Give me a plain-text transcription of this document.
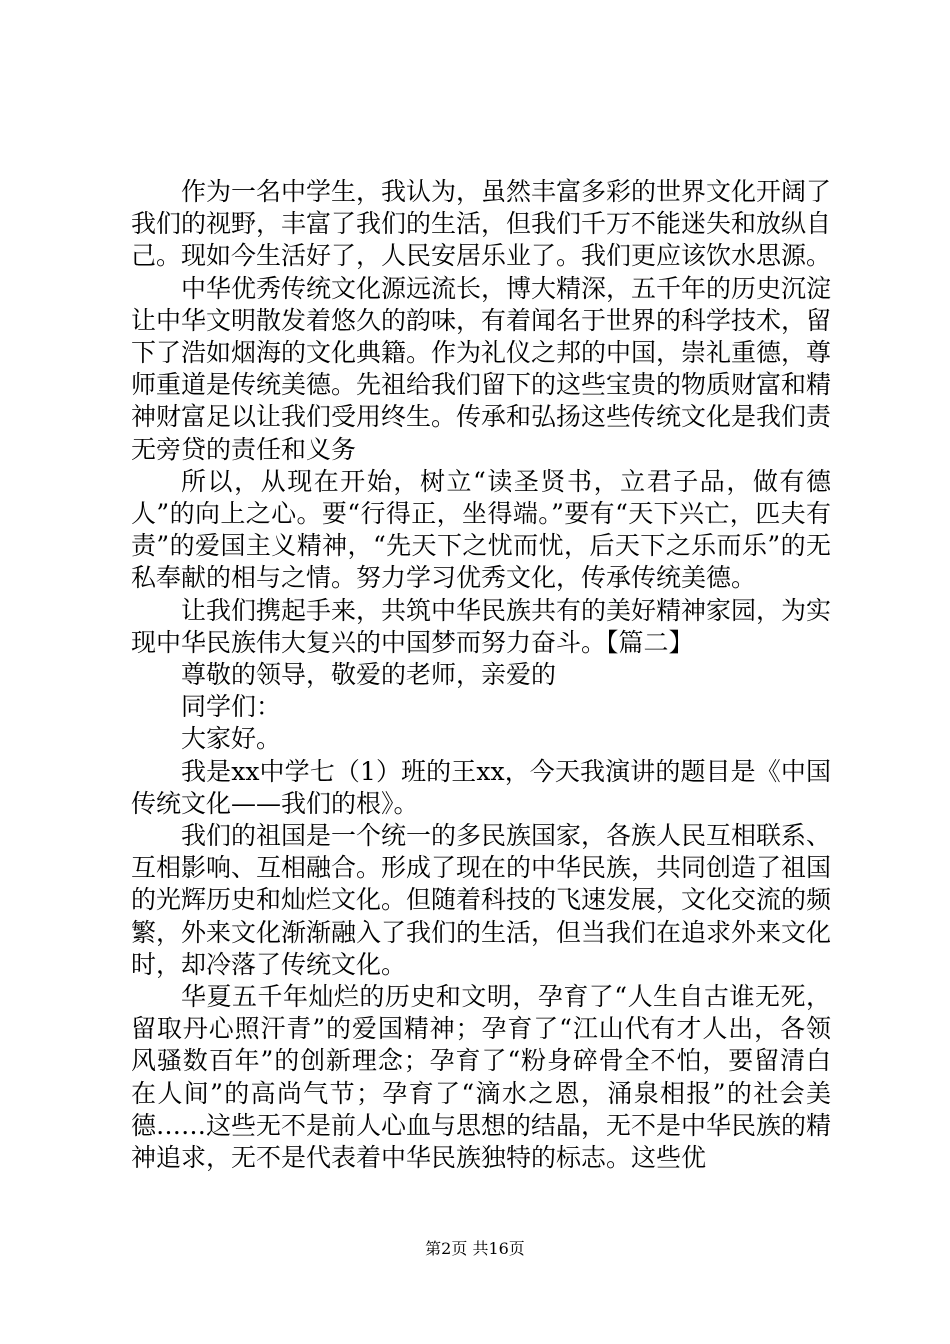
作为一名中学生，我认为，虽然丰富多彩的世界文化开阔了我们的视野，丰富了我们的生活，但我们千万不能迷失和放纵自己。现如今生活好了，人民安居乐业了。我们更应该饮水思源。

中华优秀传统文化源远流长，博大精深，五千年的历史沉淀让中华文明散发着悠久的韵味，有着闻名于世界的科学技术，留下了浩如烟海的文化典籍。作为礼仪之邦的中国，崇礼重德，尊师重道是传统美德。先祖给我们留下的这些宝贵的物质财富和精神财富足以让我们受用终生。传承和弘扬这些传统文化是我们责无旁贷的责任和义务

所以，从现在开始，树立“读圣贤书，立君子品，做有德人”的向上之心。要“行得正，坐得端。”要有“天下兴亡，匹夫有责”的爱国主义精神，“先天下之忧而忧，后天下之乐而乐”的无私奉献的相与之情。努力学习优秀文化，传承传统美德。

让我们携起手来，共筑中华民族共有的美好精神家园，为实现中华民族伟大复兴的中国梦而努力奋斗。【篇二】

尊敬的领导，敬爱的老师，亲爱的

同学们：

大家好。

我是xx中学七（1）班的王xx，今天我演讲的题目是《中国传统文化——我们的根》。

我们的祖国是一个统一的多民族国家，各族人民互相联系、互相影响、互相融合。形成了现在的中华民族，共同创造了祖国的光辉历史和灿烂文化。但随着科技的飞速发展，文化交流的频繁，外来文化渐渐融入了我们的生活，但当我们在追求外来文化时，却冷落了传统文化。

华夏五千年灿烂的历史和文明，孕育了“人生自古谁无死，留取丹心照汗青”的爱国精神；孕育了“江山代有才人出，各领风骚数百年”的创新理念；孕育了“粉身碎骨全不怕，要留清白在人间”的高尚气节；孕育了“滴水之恩，涌泉相报”的社会美德……这些无不是前人心血与思想的结晶，无不是中华民族的精神追求，无不是代表着中华民族独特的标志。这些优

第2页 共16页
